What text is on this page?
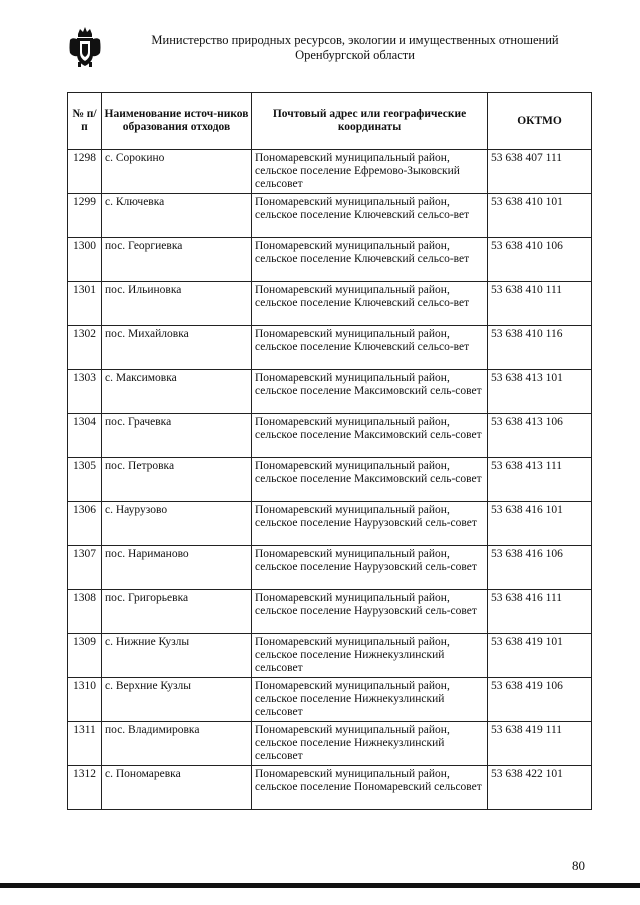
Министерство природных ресурсов, экологии и имущественных отношений
Оренбургской области
№ п/п	Наименование источ-ников образования отходов	Почтовый адрес или географические координаты	ОКТМО
1298	с. Сорокино	Пономаревский муниципальный район, сельское поселение Ефремово-Зыковский сельсовет	53 638 407 111
1299	с. Ключевка	Пономаревский муниципальный район, сельское поселение Ключевский сельсо-вет	53 638 410 101
1300	пос. Георгиевка	Пономаревский муниципальный район, сельское поселение Ключевский сельсо-вет	53 638 410 106
1301	пос. Ильиновка	Пономаревский муниципальный район, сельское поселение Ключевский сельсо-вет	53 638 410 111
1302	пос. Михайловка	Пономаревский муниципальный район, сельское поселение Ключевский сельсо-вет	53 638 410 116
1303	с. Максимовка	Пономаревский муниципальный район, сельское поселение Максимовский сель-совет	53 638 413 101
1304	пос. Грачевка	Пономаревский муниципальный район, сельское поселение Максимовский сель-совет	53 638 413 106
1305	пос. Петровка	Пономаревский муниципальный район, сельское поселение Максимовский сель-совет	53 638 413 111
1306	с. Наурузово	Пономаревский муниципальный район, сельское поселение Наурузовский сель-совет	53 638 416 101
1307	пос. Нариманово	Пономаревский муниципальный район, сельское поселение Наурузовский сель-совет	53 638 416 106
1308	пос. Григорьевка	Пономаревский муниципальный район, сельское поселение Наурузовский сель-совет	53 638 416 111
1309	с. Нижние Кузлы	Пономаревский муниципальный район, сельское поселение Нижнекузлинский сельсовет	53 638 419 101
1310	с. Верхние Кузлы	Пономаревский муниципальный район, сельское поселение Нижнекузлинский сельсовет	53 638 419 106
1311	пос. Владимировка	Пономаревский муниципальный район, сельское поселение Нижнекузлинский сельсовет	53 638 419 111
1312	с. Пономаревка	Пономаревский муниципальный район, сельское поселение Пономаревский сельсовет	53 638 422 101
80
